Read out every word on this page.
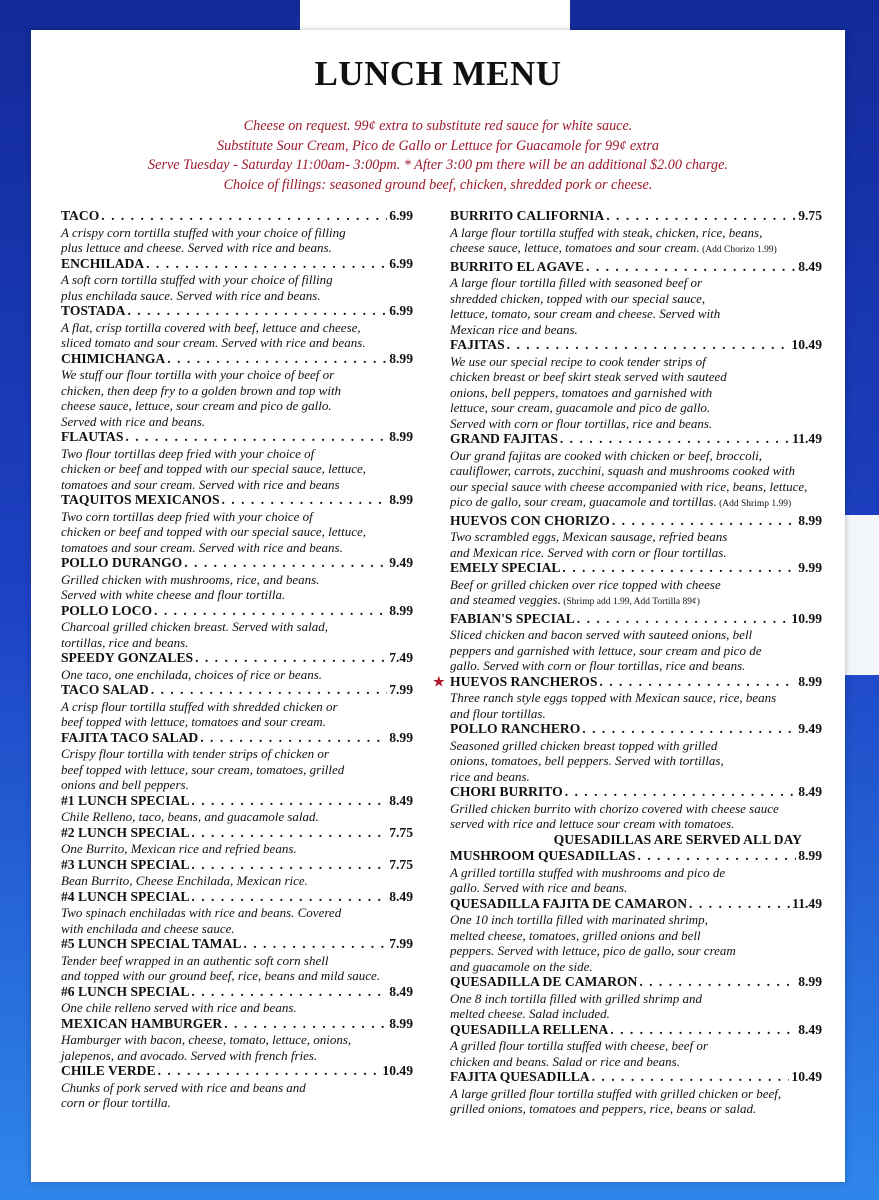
LUNCH MENU
Cheese on request. 99¢ extra to substitute red sauce for white sauce.
Substitute Sour Cream, Pico de Gallo or Lettuce for Guacamole for 99¢ extra
Serve Tuesday - Saturday 11:00am- 3:00pm. * After 3:00 pm there will be an additional $2.00 charge.
Choice of fillings: seasoned ground beef, chicken, shredded pork or cheese.
TACO . . .	6.99
A crispy corn tortilla stuffed with your choice of filling
plus lettuce and cheese. Served with rice and beans.
ENCHILADA . . .	6.99
A soft corn tortilla stuffed with your choice of filling
plus enchilada sauce. Served with rice and beans.
TOSTADA . . .	6.99
A flat, crisp tortilla covered with beef, lettuce and cheese,
sliced tomato and sour cream. Served with rice and beans.
CHIMICHANGA . . .	8.99
We stuff our flour tortilla with your choice of beef or
chicken, then deep fry to a golden brown and top with
cheese sauce, lettuce, sour cream and pico de gallo.
Served with rice and beans.
FLAUTAS . . .	8.99
Two flour tortillas deep fried with your choice of
chicken or beef and topped with our special sauce, lettuce,
tomatoes and sour cream. Served with rice and beans
TAQUITOS MEXICANOS . . .	8.99
Two corn tortillas deep fried with your choice of
chicken or beef and topped with our special sauce, lettuce,
tomatoes and sour cream. Served with rice and beans.
POLLO DURANGO . . .	9.49
Grilled chicken with mushrooms, rice, and beans.
Served with white cheese and flour tortilla.
POLLO LOCO . . .	8.99
Charcoal grilled chicken breast. Served with salad,
tortillas, rice and beans.
SPEEDY GONZALES . . .	7.49
One taco, one enchilada, choices of rice or beans.
TACO SALAD . . .	7.99
A crisp flour tortilla stuffed with shredded chicken or
beef topped with lettuce, tomatoes and sour cream.
FAJITA TACO SALAD . . .	8.99
Crispy flour tortilla with tender strips of chicken or
beef topped with lettuce, sour cream, tomatoes, grilled
onions and bell peppers.
#1 LUNCH SPECIAL . . .	8.49
Chile Relleno, taco, beans, and guacamole salad.
#2 LUNCH SPECIAL . . .	7.75
One Burrito, Mexican rice and refried beans.
#3 LUNCH SPECIAL . . .	7.75
Bean Burrito, Cheese Enchilada, Mexican rice.
#4 LUNCH SPECIAL . . .	8.49
Two spinach enchiladas with rice and beans. Covered
with enchilada and cheese sauce.
#5 LUNCH SPECIAL TAMAL . . .	7.99
Tender beef wrapped in an authentic soft corn shell
and topped with our ground beef, rice, beans and mild sauce.
#6 LUNCH SPECIAL . . .	8.49
One chile relleno served with rice and beans.
MEXICAN HAMBURGER . . .	8.99
Hamburger with bacon, cheese, tomato, lettuce, onions,
jalepenos, and avocado. Served with french fries.
CHILE VERDE . . .	10.49
Chunks of pork served with rice and beans and
corn or flour tortilla.
BURRITO CALIFORNIA . . .	9.75
A large flour tortilla stuffed with steak, chicken, rice, beans,
cheese sauce, lettuce, tomatoes and sour cream. (Add Chorizo 1.99)
BURRITO EL AGAVE . . .	8.49
A large flour tortilla filled with seasoned beef or
shredded chicken, topped with our special sauce,
lettuce, tomato, sour cream and cheese. Served with
Mexican rice and beans.
FAJITAS . . .	10.49
We use our special recipe to cook tender strips of
chicken breast or beef skirt steak served with sauteed
onions, bell peppers, tomatoes and garnished with
lettuce, sour cream, guacamole and pico de gallo.
Served with corn or flour tortillas, rice and beans.
GRAND FAJITAS . . .	11.49
Our grand fajitas are cooked with chicken or beef, broccoli,
cauliflower, carrots, zucchini, squash and mushrooms cooked with
our special sauce with cheese accompanied with rice, beans, lettuce,
pico de gallo, sour cream, guacamole and tortillas. (Add Shrimp 1.99)
HUEVOS CON CHORIZO . . .	8.99
Two scrambled eggs, Mexican sausage, refried beans
and Mexican rice. Served with corn or flour tortillas.
EMELY SPECIAL . . .	9.99
Beef or grilled chicken over rice topped with cheese
and steamed veggies. (Shrimp add 1.99, Add Tortilla 89¢)
FABIAN'S SPECIAL . . .	10.99
Sliced chicken and bacon served with sauteed onions, bell
peppers and garnished with lettuce, sour cream and pico de
gallo. Served with corn or flour tortillas, rice and beans.
★ HUEVOS RANCHEROS . . .	8.99
Three ranch style eggs topped with Mexican sauce, rice, beans
and flour tortillas.
POLLO RANCHERO . . .	9.49
Seasoned grilled chicken breast topped with grilled
onions, tomatoes, bell peppers. Served with tortillas,
rice and beans.
CHORI BURRITO . . .	8.49
Grilled chicken burrito with chorizo covered with cheese sauce
served with rice and lettuce sour cream with tomatoes.
QUESADILLAS ARE SERVED ALL DAY
MUSHROOM QUESADILLAS . . .	8.99
A grilled tortilla stuffed with mushrooms and pico de
gallo. Served with rice and beans.
QUESADILLA FAJITA DE CAMARON . . .	11.49
One 10 inch tortilla filled with marinated shrimp,
melted cheese, tomatoes, grilled onions and bell
peppers. Served with lettuce, pico de gallo, sour cream
and guacamole on the side.
QUESADILLA DE CAMARON . . .	8.99
One 8 inch tortilla filled with grilled shrimp and
melted cheese. Salad included.
QUESADILLA RELLENA . . .	8.49
A grilled flour tortilla stuffed with cheese, beef or
chicken and beans. Salad or rice and beans.
FAJITA QUESADILLA . . .	10.49
A large grilled flour tortilla stuffed with grilled chicken or beef,
grilled onions, tomatoes and peppers, rice, beans or salad.
